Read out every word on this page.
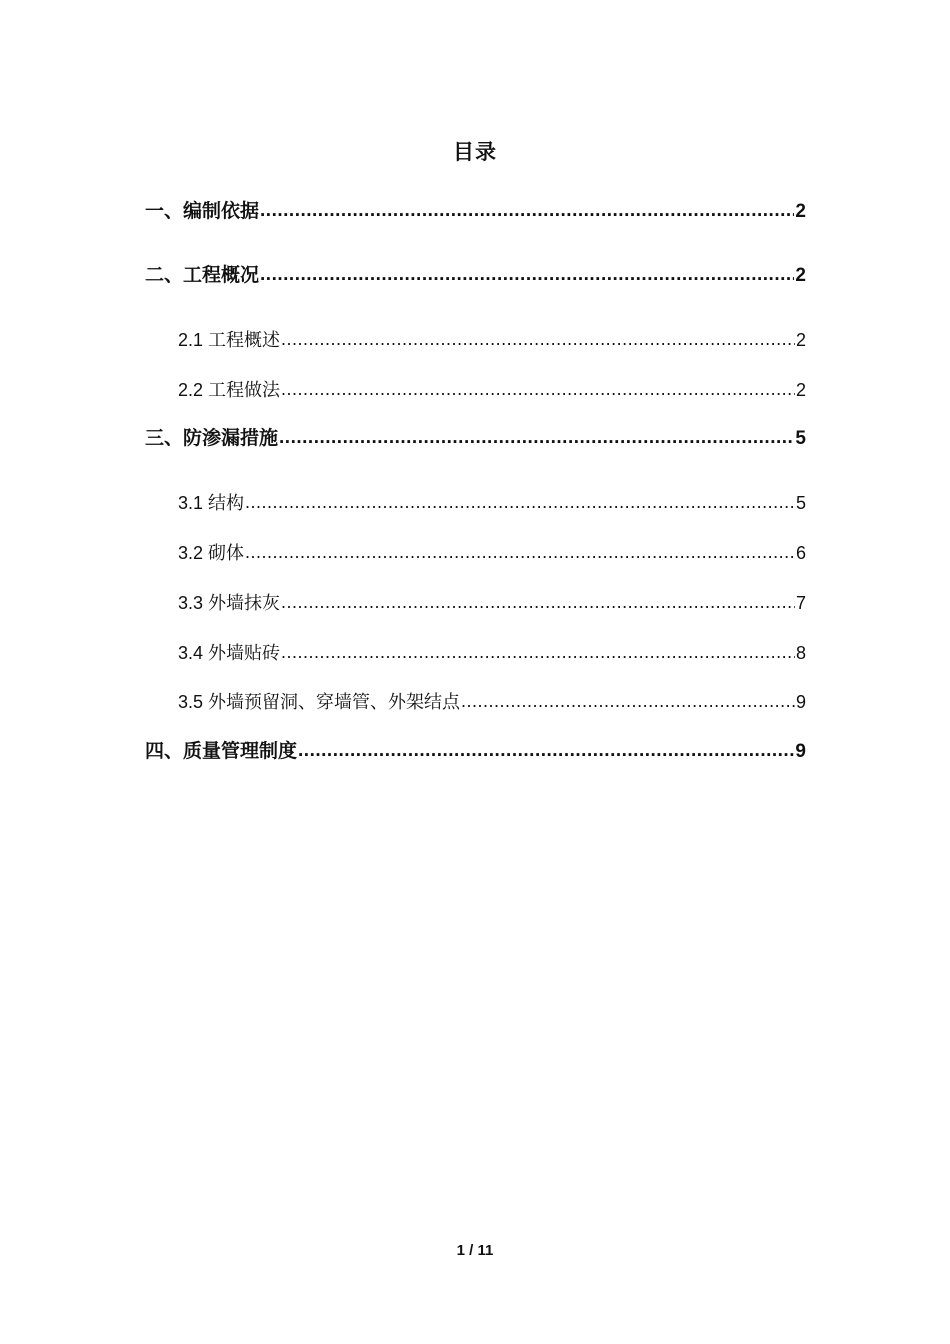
目录
一、编制依据 .....	2
二、工程概况 .....	2
2.1 工程概述 .....	2
2.2 工程做法 .....	2
三、防渗漏措施 .....	5
3.1 结构 .....	5
3.2 砌体 .....	6
3.3 外墙抹灰 .....	7
3.4 外墙贴砖 .....	8
3.5 外墙预留洞、穿墙管、外架结点 .....	9
四、质量管理制度 .....	9
1 / 11
